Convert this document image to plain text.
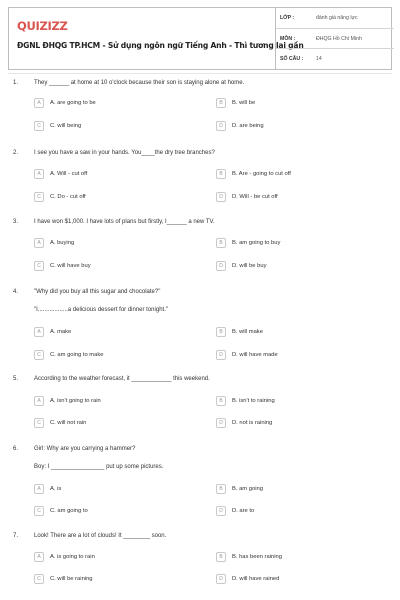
QUIZIZZ
ĐGNL ĐHQG TP.HCM - Sử dụng ngôn ngữ Tiếng Anh - Thì tương lai gần
LỚP :	đánh giá năng lực
MÔN :	ĐHQG Hồ Chí Minh
SỐ CÂU : 14
1.	They ______ at home at 10 o'clock because their son is staying alone at home.
A	A. are going to be	B	B. will be
C	C. will being	D	D. are being
2.	I see you have a saw in your hands. You____the dry tree branches?
A	A. Will - cut off	B	B. Are - going to cut off
C	C. Do - cut off	D	D. Will - be cut off
3.	I have won $1,000. I have lots of plans but firstly, I______ a new TV.
A	A. buying	B	B. am going to buy
C	C. will have buy	D	D. will be buy
4.	"Why did you buy all this sugar and chocolate?"
"I..................a delicious dessert for dinner tonight."
A	A. make	B	B. will make
C	C. am going to make	D	D. will have made
5.	According to the weather forecast, it ____________ this weekend.
A	A. isn't going to rain	B	B. isn't to raining
C	C. will not rain	D	D. not is raining
6.	Girl: Why are you carrying a hammer?
Boy: I ________________ put up some pictures.
A	A. is	B	B. am going
C	C. am going to	D	D. are to
7.	Look! There are a lot of clouds! It ________ soon.
A	A. is going to rain	B	B. has been raining
C	C. will be raining	D	D. will have rained
